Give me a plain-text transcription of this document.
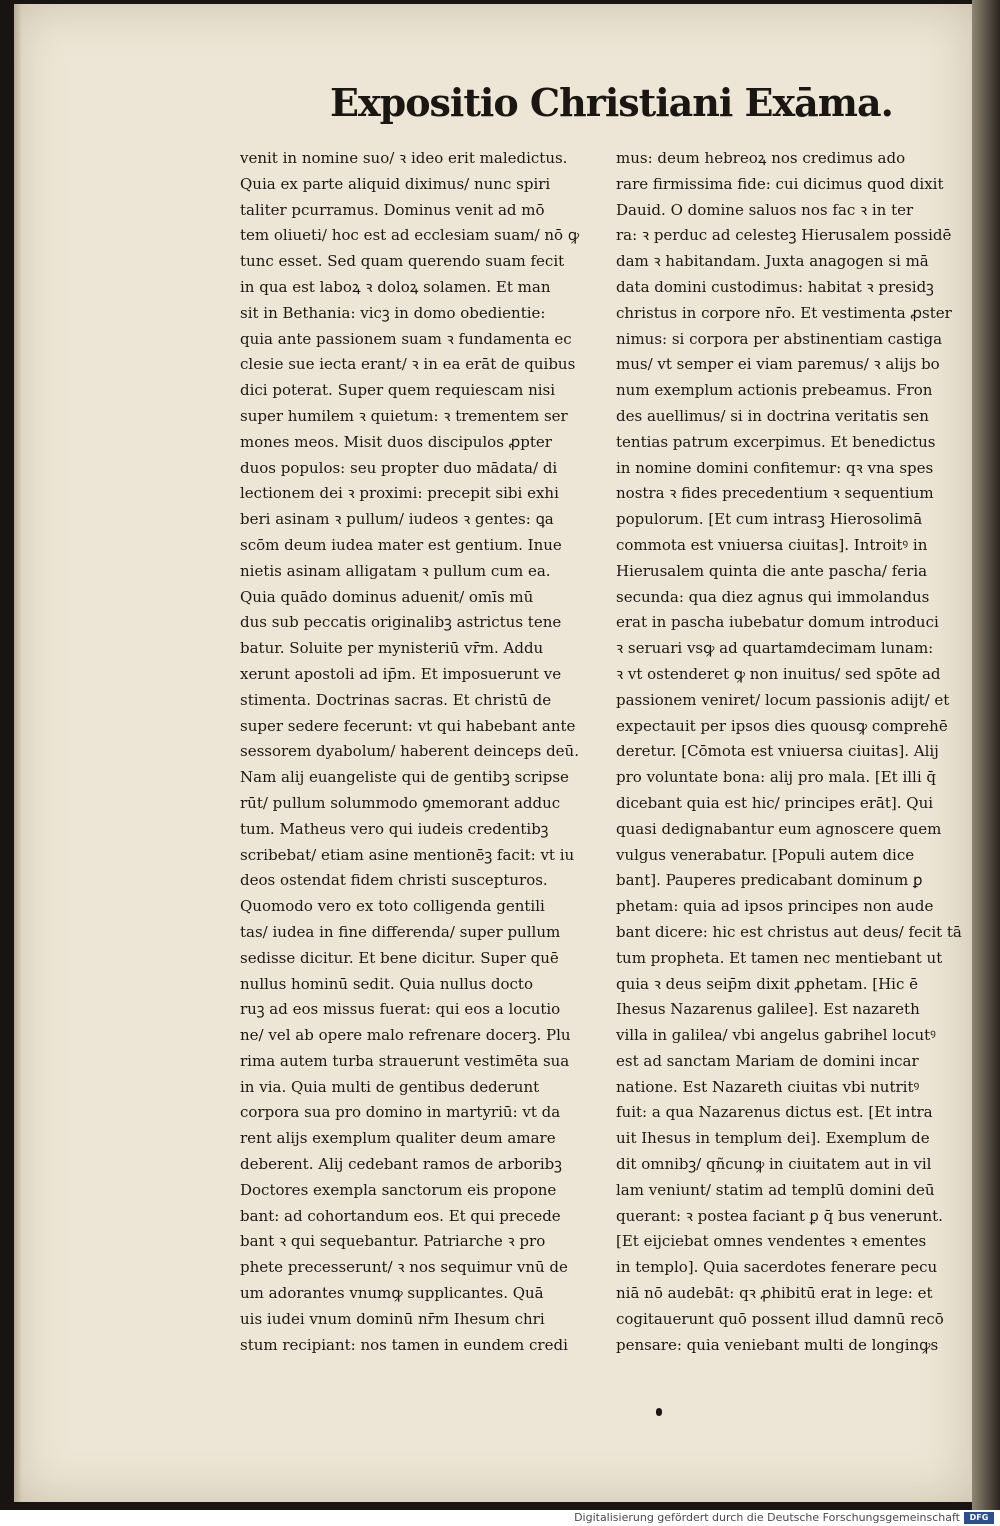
Expositio Christiani Exāma.
venit in nomine suo/ ꝛ ideo erit maledictus.
Quia ex parte aliquid diximus/ nunc spiri
taliter pcurramus. Dominus venit ad mō
tem oliueti/ hoc est ad ecclesiam suam/ nō ꝙ
tunc esset. Sed quam querendo suam fecit
in qua est laboꝝ ꝛ doloꝝ solamen. Et man
sit in Bethania: vicꝫ in domo obedientie:
quia ante passionem suam ꝛ fundamenta ec
clesie sue iecta erant/ ꝛ in ea erāt de quibus
dici poterat. Super quem requiescam nisi
super humilem ꝛ quietum: ꝛ trementem ser
mones meos. Misit duos discipulos ꝓpter
duos populos: seu propter duo mādata/ di
lectionem dei ꝛ proximi: precepit sibi exhi
beri asinam ꝛ pullum/ iudeos ꝛ gentes: ꝗa
scōm deum iudea mater est gentium. Inue
nietis asinam alligatam ꝛ pullum cum ea.
Quia quādo dominus aduenit/ omīs mū
dus sub peccatis originalibꝫ astrictus tene
batur. Soluite per mynisteriū vr̄m. Addu
xerunt apostoli ad ip̄m. Et imposuerunt ve
stimenta. Doctrinas sacras. Et christū de
super sedere fecerunt: vt qui habebant ante
sessorem dyabolum/ haberent deinceps deū.
Nam alij euangeliste qui de gentibꝫ scripse
rūt/ pullum solummodo ꝯmemorant adduc
tum. Matheus vero qui iudeis credentibꝫ
scribebat/ etiam asine mentionēꝫ facit: vt iu
deos ostendat fidem christi suscepturos.
Quomodo vero ex toto colligenda gentili
tas/ iudea in fine differenda/ super pullum
sedisse dicitur. Et bene dicitur. Super quē
nullus hominū sedit. Quia nullus docto
ruꝫ ad eos missus fuerat: qui eos a locutio
ne/ vel ab opere malo refrenare docerꝫ. Plu
rima autem turba strauerunt vestimēta sua
in via. Quia multi de gentibus dederunt
corpora sua pro domino in martyriū: vt da
rent alijs exemplum qualiter deum amare
deberent. Alij cedebant ramos de arboribꝫ
Doctores exempla sanctorum eis propone
bant: ad cohortandum eos. Et qui precede
bant ꝛ qui sequebantur. Patriarche ꝛ pro
phete precesserunt/ ꝛ nos sequimur vnū de
um adorantes vnumꝙ supplicantes. Quā
uis iudei vnum dominū nr̄m Ihesum chri
stum recipiant: nos tamen in eundem credi
mus: deum hebreoꝝ nos credimus ado
rare firmissima fide: cui dicimus quod dixit
Dauid. O domine saluos nos fac ꝛ in ter
ra: ꝛ perduc ad celesteꝫ Hierusalem possidē
dam ꝛ habitandam. Juxta anagogen si mā
data domini custodimus: habitat ꝛ presidꝫ
christus in corpore nr̄o. Et vestimenta ꝓster
nimus: si corpora per abstinentiam castiga
mus/ vt semper ei viam paremus/ ꝛ alijs bo
num exemplum actionis prebeamus. Fron
des auellimus/ si in doctrina veritatis sen
tentias patrum excerpimus. Et benedictus
in nomine domini confitemur: qꝛ vna spes
nostra ꝛ fides precedentium ꝛ sequentium
populorum. [Et cum intrasꝫ Hierosolimā
commota est vniuersa ciuitas]. Introitꝰ in
Hierusalem quinta die ante pascha/ feria
secunda: qua diez agnus qui immolandus
erat in pascha iubebatur domum introduci
ꝛ seruari vsꝙ ad quartamdecimam lunam:
ꝛ vt ostenderet ꝙ non inuitus/ sed spōte ad
passionem veniret/ locum passionis adijt/ et
expectauit per ipsos dies quousꝙ comprehē
deretur. [Cōmota est vniuersa ciuitas]. Alij
pro voluntate bona: alij pro mala. [Et illi q̄
dicebant quia est hic/ principes erāt]. Qui
quasi dedignabantur eum agnoscere quem
vulgus venerabatur. [Populi autem dice
bant]. Pauperes predicabant dominum ꝑ
phetam: quia ad ipsos principes non aude
bant dicere: hic est christus aut deus/ fecit tā
tum propheta. Et tamen nec mentiebant ut
quia ꝛ deus seip̄m dixit ꝓphetam. [Hic ē
Ihesus Nazarenus galilee]. Est nazareth
villa in galilea/ vbi angelus gabrihel locutꝰ
est ad sanctam Mariam de domini incar
natione. Est Nazareth ciuitas vbi nutritꝰ
fuit: a qua Nazarenus dictus est. [Et intra
uit Ihesus in templum dei]. Exemplum de
dit omnibꝫ/ qñcunꝙ in ciuitatem aut in vil
lam veniunt/ statim ad templū domini deū
querant: ꝛ postea faciant ꝑ q̄ bus venerunt.
[Et eijciebat omnes vendentes ꝛ ementes
in templo]. Quia sacerdotes fenerare pecu
niā nō audebāt: qꝛ ꝓhibitū erat in lege: et
cogitauerunt quō possent illud damnū recō
pensare: quia veniebant multi de longinꝙs
Digitalisierung gefördert durch die Deutsche Forschungsgemeinschaft	DFG
